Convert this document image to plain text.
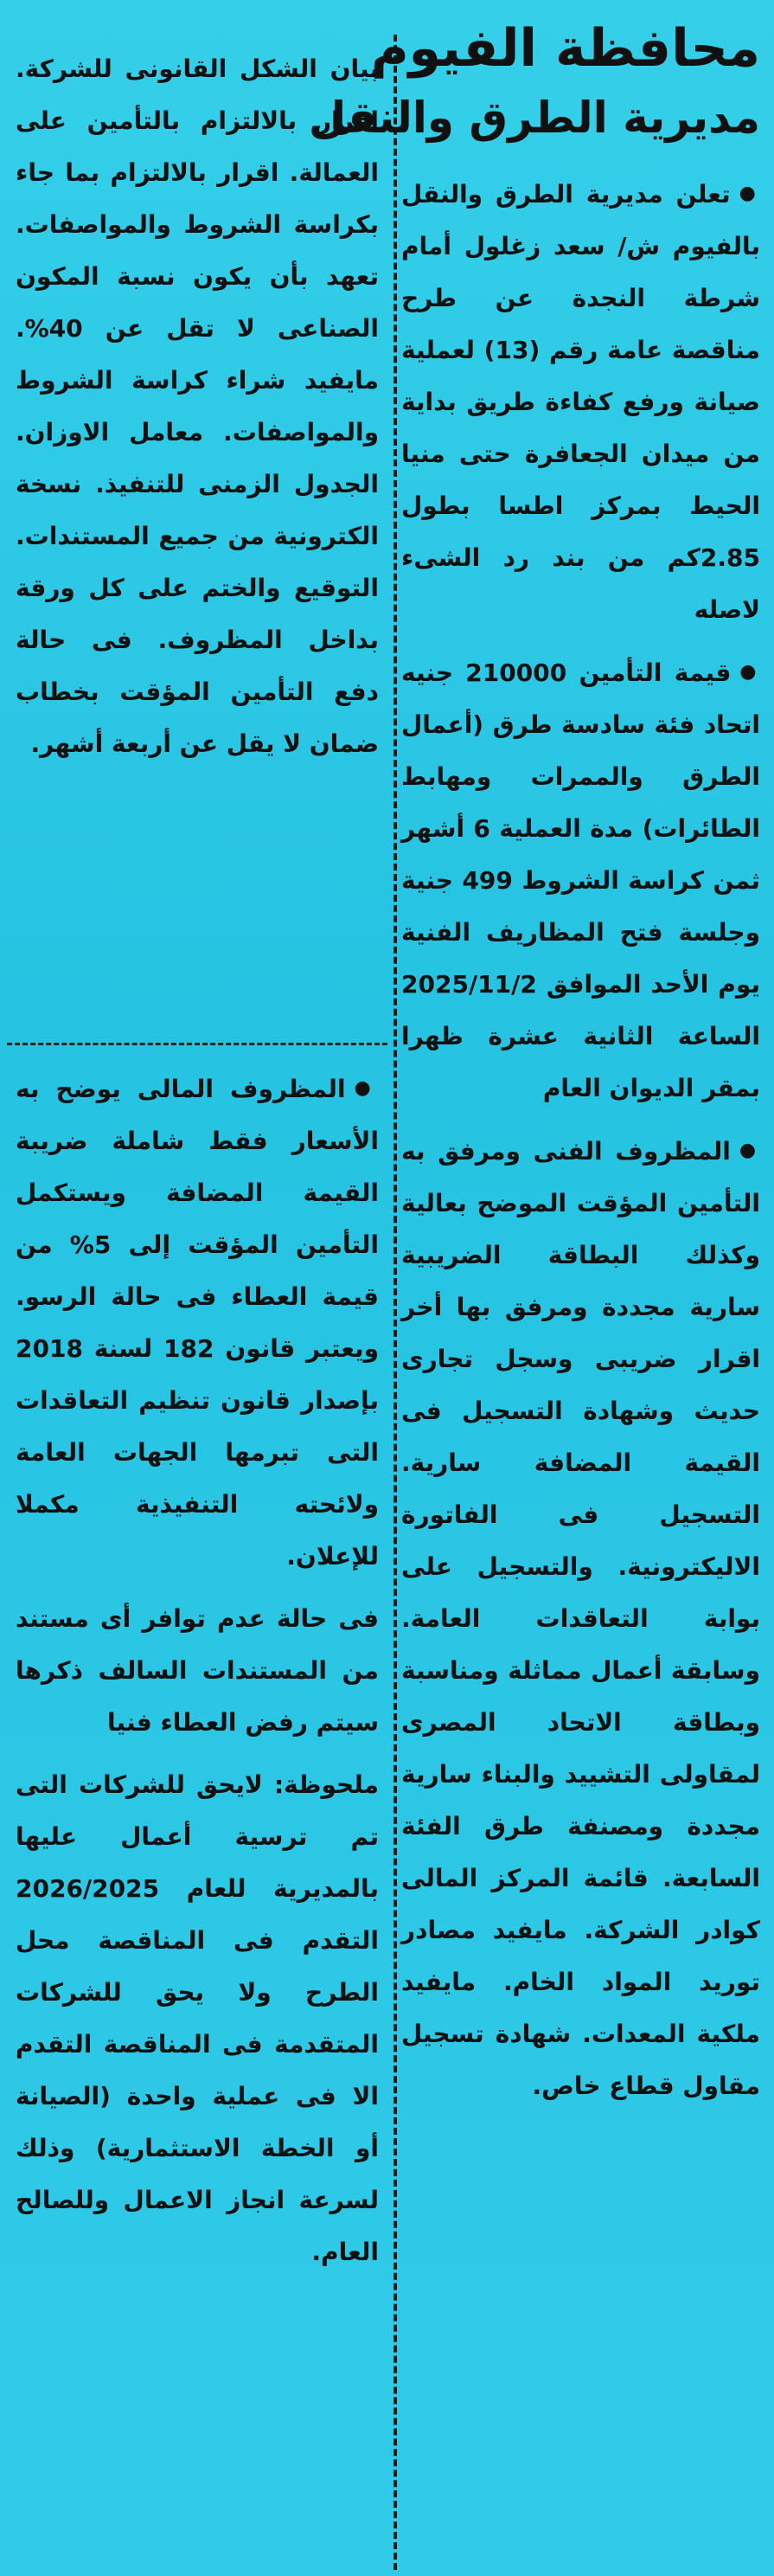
محافظة الفيوم
مديرية الطرق والنقل

● تعلن مديرية الطرق والنقل بالفيوم ش/ سعد زغلول أمام شرطة النجدة عن طرح مناقصة عامة رقم (13) لعملية صيانة ورفع كفاءة طريق بداية من ميدان الجعافرة حتى منيا الحيط بمركز اطسا بطول 2.85كم من بند رد الشىء لاصله

● قيمة التأمين 210000 جنيه اتحاد فئة سادسة طرق (أعمال الطرق والممرات ومهابط الطائرات) مدة العملية 6 أشهر ثمن كراسة الشروط 499 جنية وجلسة فتح المظاريف الفنية يوم الأحد الموافق 2025/11/2 الساعة الثانية عشرة ظهرا بمقر الديوان العام

● المظروف الفنى ومرفق به التأمين المؤقت الموضح بعالية وكذلك البطاقة الضريبية سارية مجددة ومرفق بها أخر اقرار ضريبى وسجل تجارى حديث وشهادة التسجيل فى القيمة المضافة سارية. التسجيل فى الفاتورة الاليكترونية. والتسجيل على بوابة التعاقدات العامة. وسابقة أعمال مماثلة ومناسبة وبطاقة الاتحاد المصرى لمقاولى التشييد والبناء سارية مجددة ومصنفة طرق الفئة السابعة. قائمة المركز المالى كوادر الشركة. مايفيد مصادر توريد المواد الخام. مايفيد ملكية المعدات. شهادة تسجيل مقاول قطاع خاص.

بيان الشكل القانونى للشركة. اقرار بالالتزام بالتأمين على العمالة. اقرار بالالتزام بما جاء بكراسة الشروط والمواصفات. تعهد بأن يكون نسبة المكون الصناعى لا تقل عن 40%. مايفيد شراء كراسة الشروط والمواصفات. معامل الاوزان. الجدول الزمنى للتنفيذ. نسخة الكترونية من جميع المستندات. التوقيع والختم على كل ورقة بداخل المظروف. فى حالة دفع التأمين المؤقت بخطاب ضمان لا يقل عن أربعة أشهر.

● المظروف المالى يوضح به الأسعار فقط شاملة ضريبة القيمة المضافة ويستكمل التأمين المؤقت إلى 5% من قيمة العطاء فى حالة الرسو. ويعتبر قانون 182 لسنة 2018 بإصدار قانون تنظيم التعاقدات التى تبرمها الجهات العامة ولائحته التنفيذية مكملا للإعلان.

فى حالة عدم توافر أى مستند من المستندات السالف ذكرها سيتم رفض العطاء فنيا

ملحوظة: لايحق للشركات التى تم ترسية أعمال عليها بالمديرية للعام 2026/2025 التقدم فى المناقصة محل الطرح ولا يحق للشركات المتقدمة فى المناقصة التقدم الا فى عملية واحدة (الصيانة أو الخطة الاستثمارية) وذلك لسرعة انجاز الاعمال وللصالح العام.
